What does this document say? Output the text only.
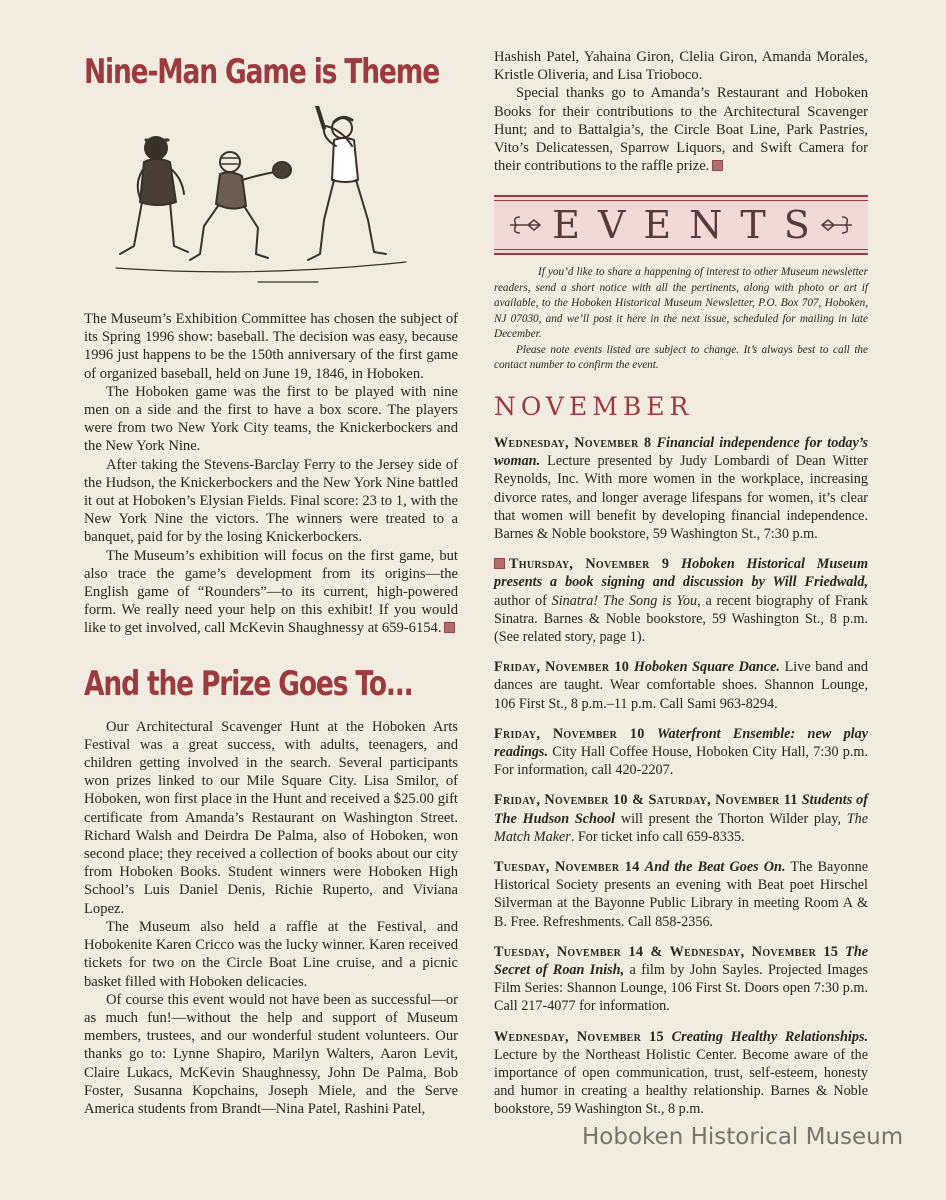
Nine-Man Game is Theme

The Museum’s Exhibition Committee has chosen the subject of its Spring 1996 show: baseball. The decision was easy, because 1996 just happens to be the 150th anniversary of the first game of organized baseball, held on June 19, 1846, in Hoboken.

The Hoboken game was the first to be played with nine men on a side and the first to have a box score. The players were from two New York City teams, the Knickerbockers and the New York Nine.

After taking the Stevens-Barclay Ferry to the Jersey side of the Hudson, the Knickerbockers and the New York Nine battled it out at Hoboken’s Elysian Fields. Final score: 23 to 1, with the New York Nine the victors. The winners were treated to a banquet, paid for by the losing Knickerbockers.

The Museum’s exhibition will focus on the first game, but also trace the game’s development from its origins—the English game of “Rounders”—to its current, high-powered form. We really need your help on this exhibit! If you would like to get involved, call McKevin Shaughnessy at 659-6154.

And the Prize Goes To...

Our Architectural Scavenger Hunt at the Hoboken Arts Festival was a great success, with adults, teenagers, and children getting involved in the search. Several participants won prizes linked to our Mile Square City. Lisa Smilor, of Hoboken, won first place in the Hunt and received a $25.00 gift certificate from Amanda’s Restaurant on Washington Street. Richard Walsh and Deirdra De Palma, also of Hoboken, won second place; they received a collection of books about our city from Hoboken Books. Student winners were Hoboken High School’s Luis Daniel Denis, Richie Ruperto, and Viviana Lopez.

The Museum also held a raffle at the Festival, and Hobokenite Karen Cricco was the lucky winner. Karen received tickets for two on the Circle Boat Line cruise, and a picnic basket filled with Hoboken delicacies.

Of course this event would not have been as successful—or as much fun!—without the help and support of Museum members, trustees, and our wonderful student volunteers. Our thanks go to: Lynne Shapiro, Marilyn Walters, Aaron Levit, Claire Lukacs, McKevin Shaughnessy, John De Palma, Bob Foster, Susanna Kopchains, Joseph Miele, and the Serve America students from Brandt—Nina Patel, Rashini Patel,

Hashish Patel, Yahaina Giron, Clelia Giron, Amanda Morales, Kristle Oliveria, and Lisa Trioboco.

Special thanks go to Amanda’s Restaurant and Hoboken Books for their contributions to the Architectural Scavenger Hunt; and to Battalgia’s, the Circle Boat Line, Park Pastries, Vito’s Delicatessen, Sparrow Liquors, and Swift Camera for their contributions to the raffle prize.

EVENTS
If you’d like to share a happening of interest to other Museum newsletter readers, send a short notice with all the pertinents, along with photo or art if available, to the Hoboken Historical Museum Newsletter, P.O. Box 707, Hoboken, NJ 07030, and we’ll post it here in the next issue, scheduled for mailing in late December.
Please note events listed are subject to change. It’s always best to call the contact number to confirm the event.
NOVEMBER

Wednesday, November 8 Financial independence for today’s woman. Lecture presented by Judy Lombardi of Dean Witter Reynolds, Inc. With more women in the workplace, increasing divorce rates, and longer average lifespans for women, it’s clear that women will benefit by developing financial independence. Barnes & Noble bookstore, 59 Washington St., 7:30 p.m.

Thursday, November 9 Hoboken Historical Museum presents a book signing and discussion by Will Friedwald, author of Sinatra! The Song is You, a recent biography of Frank Sinatra. Barnes & Noble bookstore, 59 Washington St., 8 p.m. (See related story, page 1).

Friday, November 10 Hoboken Square Dance. Live band and dances are taught. Wear comfortable shoes. Shannon Lounge, 106 First St., 8 p.m.–11 p.m. Call Sami 963-8294.

Friday, November 10 Waterfront Ensemble: new play readings. City Hall Coffee House, Hoboken City Hall, 7:30 p.m. For information, call 420-2207.

Friday, November 10 & Saturday, November 11 Students of The Hudson School will present the Thorton Wilder play, The Match Maker. For ticket info call 659-8335.

Tuesday, November 14 And the Beat Goes On. The Bayonne Historical Society presents an evening with Beat poet Hirschel Silverman at the Bayonne Public Library in meeting Room A & B. Free. Refreshments. Call 858-2356.

Tuesday, November 14 & Wednesday, November 15 The Secret of Roan Inish, a film by John Sayles. Projected Images Film Series: Shannon Lounge, 106 First St. Doors open 7:30 p.m. Call 217-4077 for information.

Wednesday, November 15 Creating Healthy Relationships. Lecture by the Northeast Holistic Center. Become aware of the importance of open communication, trust, self-esteem, honesty and humor in creating a healthy relationship. Barnes & Noble bookstore, 59 Washington St., 8 p.m.

Hoboken Historical Museum
